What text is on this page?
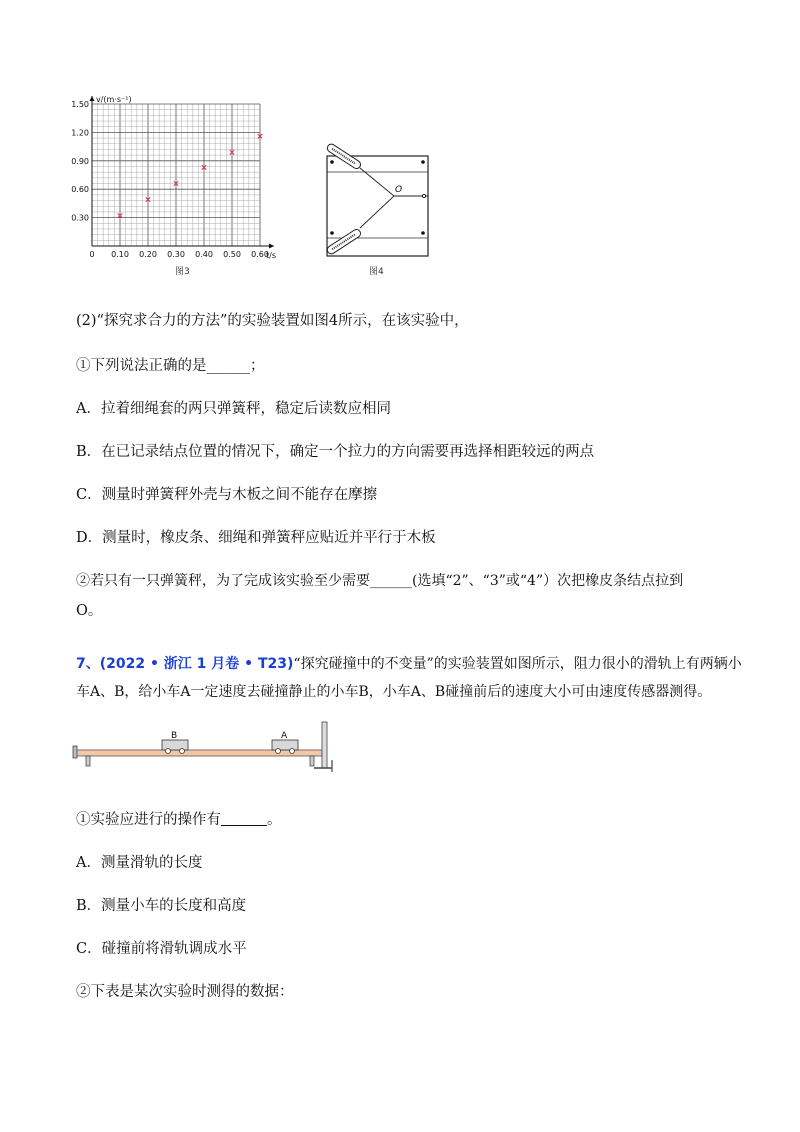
0.30
0.60
0.90
1.20
1.50
0 0.10 0.20 0.30 0.40 0.50 0.60
v/(m·s⁻¹)
t/s
图3
O
图4
(2)“探究求合力的方法”的实验装置如图4所示，在该实验中，
①下列说法正确的是______；
A．拉着细绳套的两只弹簧秤，稳定后读数应相同
B．在已记录结点位置的情况下，确定一个拉力的方向需要再选择相距较远的两点
C．测量时弹簧秤外壳与木板之间不能存在摩擦
D．测量时，橡皮条、细绳和弹簧秤应贴近并平行于木板
②若只有一只弹簧秤，为了完成该实验至少需要______(选填“2”、“3”或“4”）次把橡皮条结点拉到
O。
7、(2022 • 浙江 1 月卷 • T23)“探究碰撞中的不变量”的实验装置如图所示，阻力很小的滑轨上有两辆小
车A、B，给小车A一定速度去碰撞静止的小车B，小车A、B碰撞前后的速度大小可由速度传感器测得。
B	A
①实验应进行的操作有	。
A．测量滑轨的长度
B．测量小车的长度和高度
C．碰撞前将滑轨调成水平
②下表是某次实验时测得的数据：
